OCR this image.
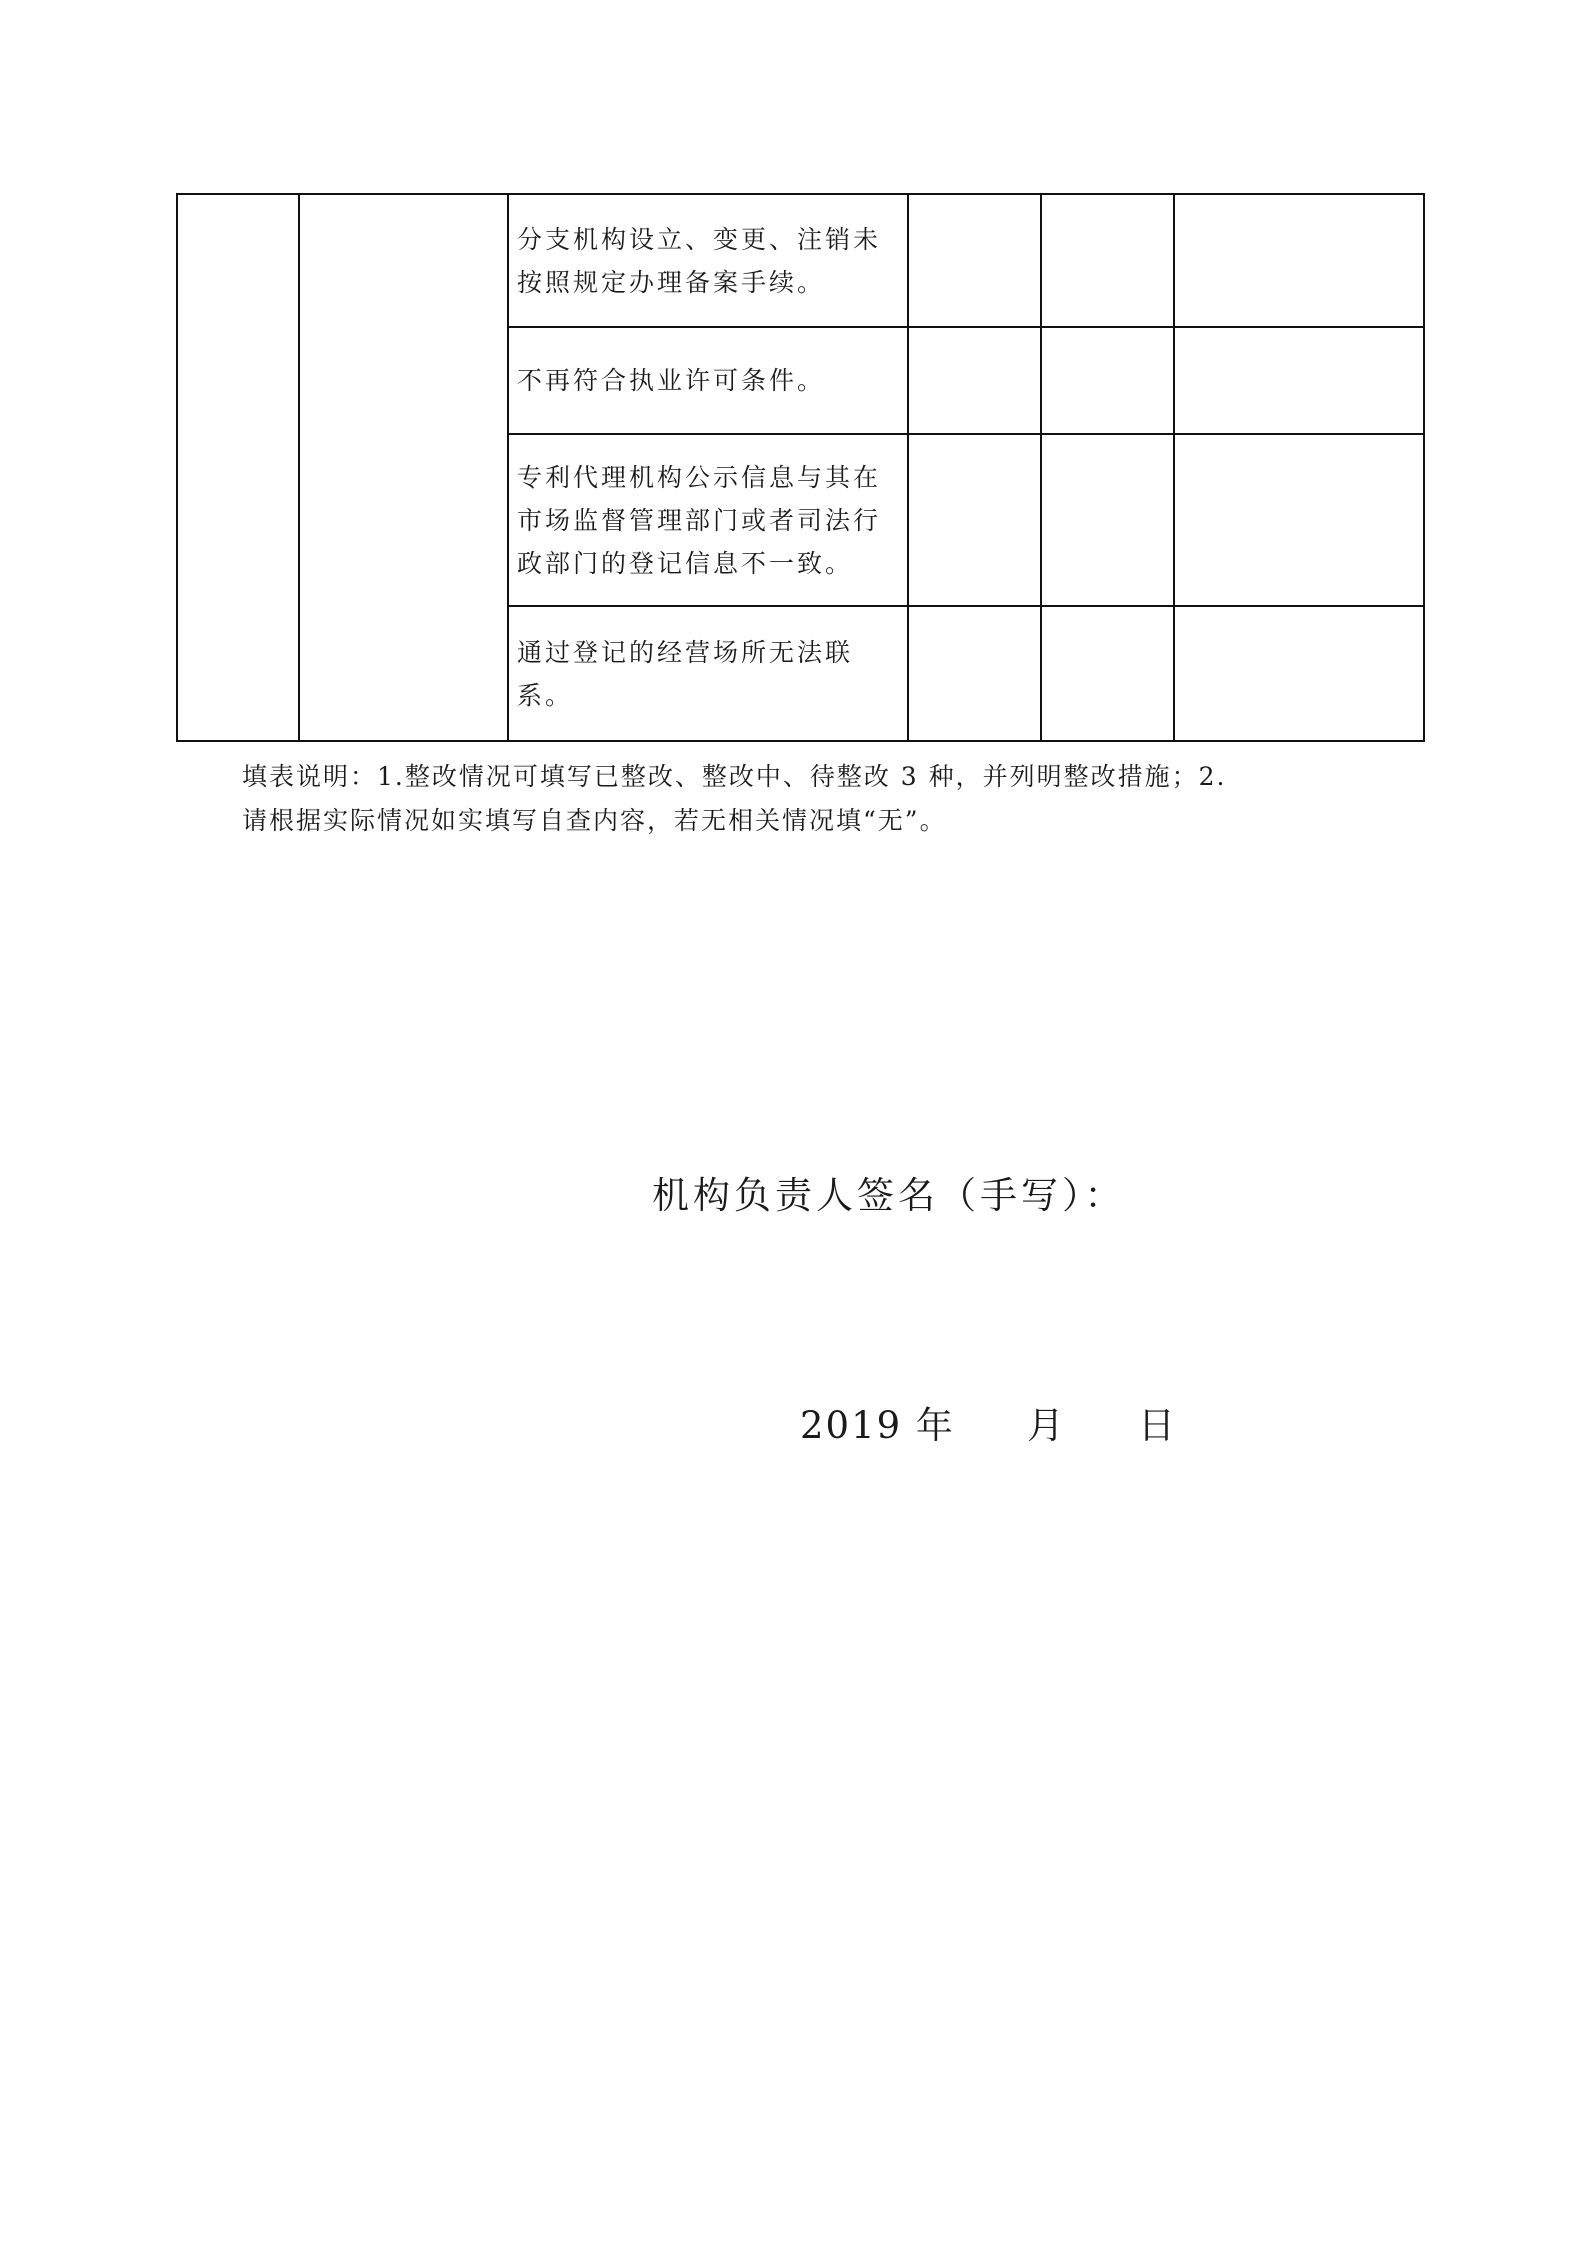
		分支机构设立、变更、注销未按照规定办理备案手续。			
		不再符合执业许可条件。			
		专利代理机构公示信息与其在市场监督管理部门或者司法行政部门的登记信息不一致。			
		通过登记的经营场所无法联系。			

填表说明：1.整改情况可填写已整改、整改中、待整改 3 种，并列明整改措施；2.

请根据实际情况如实填写自查内容，若无相关情况填“无”。

机构负责人签名（手写）：
2019 年 月 日
